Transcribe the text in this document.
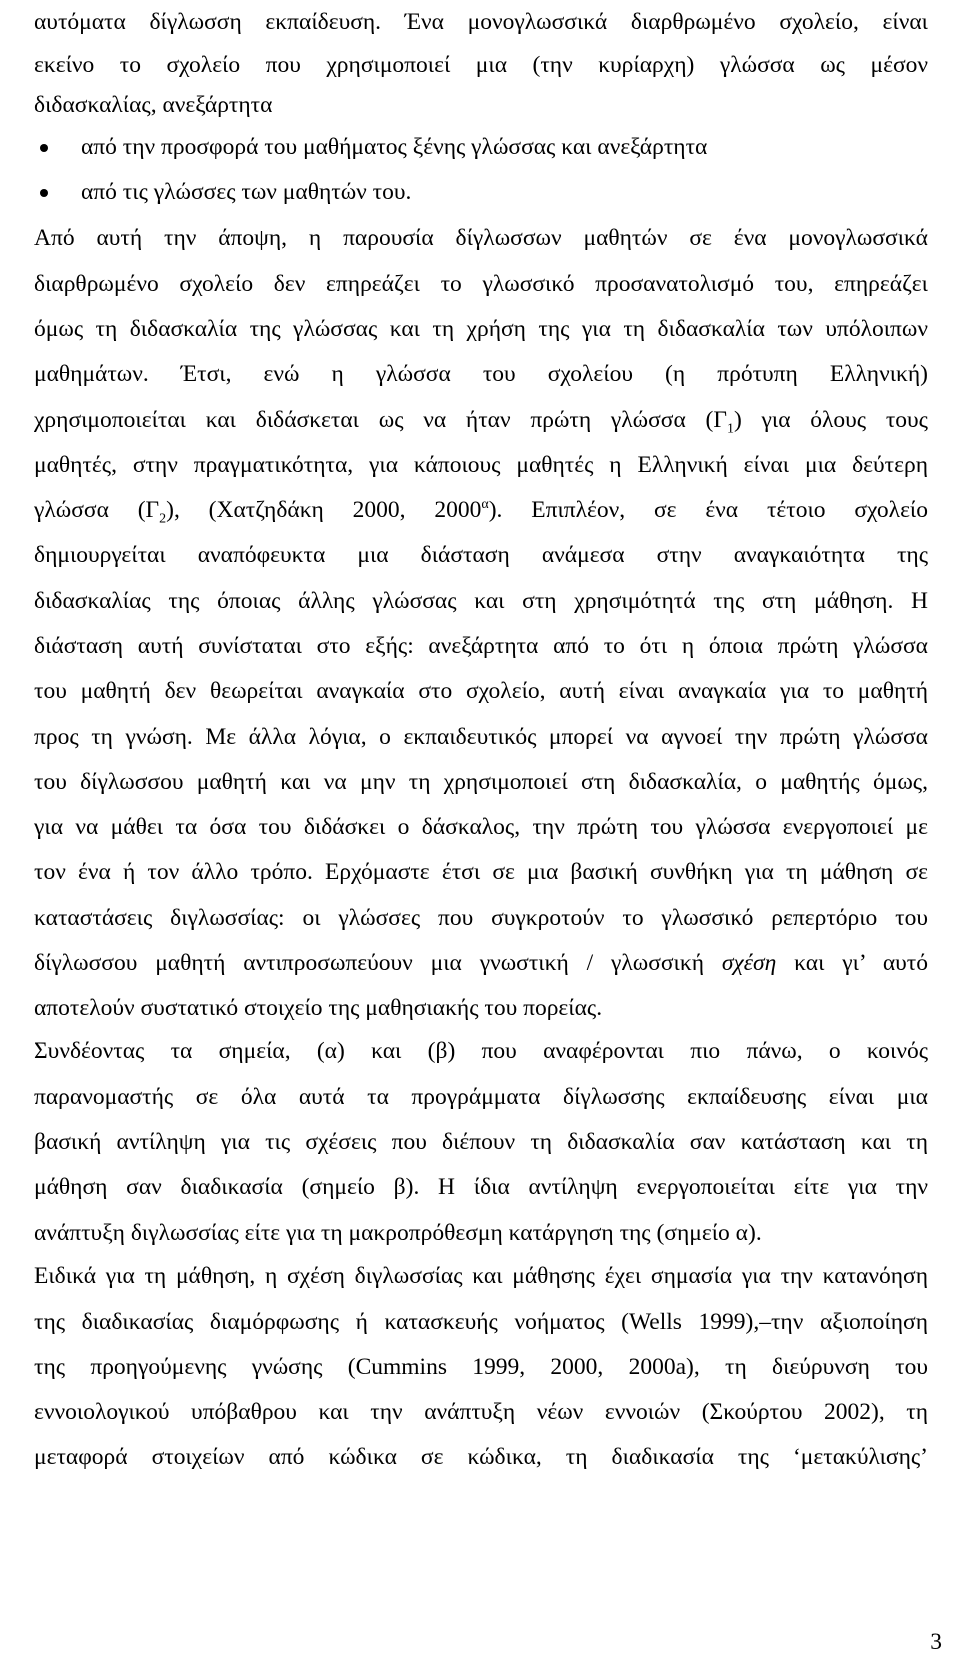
αυτόματα δίγλωσση εκπαίδευση. Ένα μονογλωσσικά διαρθρωμένο σχολείο, είναι
εκείνο το σχολείο που χρησιμοποιεί μια (την κυρίαρχη) γλώσσα ως μέσον
διδασκαλίας, ανεξάρτητα
από την προσφορά του μαθήματος ξένης γλώσσας και ανεξάρτητα
από τις γλώσσες των μαθητών του.
Από αυτή την άποψη, η παρουσία δίγλωσσων μαθητών σε ένα μονογλωσσικά
διαρθρωμένο σχολείο δεν επηρεάζει το γλωσσικό προσανατολισμό του, επηρεάζει
όμως τη διδασκαλία της γλώσσας και τη χρήση της για τη διδασκαλία των υπόλοιπων
μαθημάτων. Έτσι, ενώ η γλώσσα του σχολείου (η πρότυπη Ελληνική)
χρησιμοποιείται και διδάσκεται ως να ήταν πρώτη γλώσσα $(\Gamma_1)$ για όλους τους
μαθητές, στην πραγματικότητα, για κάποιους μαθητές η Ελληνική είναι μια δεύτερη
γλώσσα $(\Gamma_2)$, (Χατζηδάκη 2000, $2000^\alpha$). Επιπλέον, σε ένα τέτοιο σχολείο
δημιουργείται αναπόφευκτα μια διάσταση ανάμεσα στην αναγκαιότητα της
διδασκαλίας της όποιας άλλης γλώσσας και στη χρησιμότητά της στη μάθηση. Η
διάσταση αυτή συνίσταται στο εξής: ανεξάρτητα από το ότι η όποια πρώτη γλώσσα
του μαθητή δεν θεωρείται αναγκαία στο σχολείο, αυτή είναι αναγκαία για το μαθητή
προς τη γνώση. Με άλλα λόγια, ο εκπαιδευτικός μπορεί να αγνοεί την πρώτη γλώσσα
του δίγλωσσου μαθητή και να μην τη χρησιμοποιεί στη διδασκαλία, ο μαθητής όμως,
για να μάθει τα όσα του διδάσκει ο δάσκαλος, την πρώτη του γλώσσα ενεργοποιεί με
τον ένα ή τον άλλο τρόπο. Ερχόμαστε έτσι σε μια βασική συνθήκη για τη μάθηση σε
καταστάσεις διγλωσσίας: οι γλώσσες που συγκροτούν το γλωσσικό ρεπερτόριο του
δίγλωσσου μαθητή αντιπροσωπεύουν μια γνωστική / γλωσσική σχέση και γι’ αυτό
αποτελούν συστατικό στοιχείο της μαθησιακής του πορείας.
Συνδέοντας τα σημεία, (α) και (β) που αναφέρονται πιο πάνω, ο κοινός
παρανομαστής σε όλα αυτά τα προγράμματα δίγλωσσης εκπαίδευσης είναι μια
βασική αντίληψη για τις σχέσεις που διέπουν τη διδασκαλία σαν κατάσταση και τη
μάθηση σαν διαδικασία (σημείο β). Η ίδια αντίληψη ενεργοποιείται είτε για την
ανάπτυξη διγλωσσίας είτε για τη μακροπρόθεσμη κατάργηση της (σημείο α).
Ειδικά για τη μάθηση, η σχέση διγλωσσίας και μάθησης έχει σημασία για την κατανόηση
της διαδικασίας διαμόρφωσης ή κατασκευής νοήματος (Wells 1999),–την αξιοποίηση
της προηγούμενης γνώσης (Cummins 1999, 2000, 2000a), τη διεύρυνση του
εννοιολογικού υπόβαθρου και την ανάπτυξη νέων εννοιών (Σκούρτου 2002), τη
μεταφορά στοιχείων από κώδικα σε κώδικα, τη διαδικασία της ‘μετακύλισης’
3
